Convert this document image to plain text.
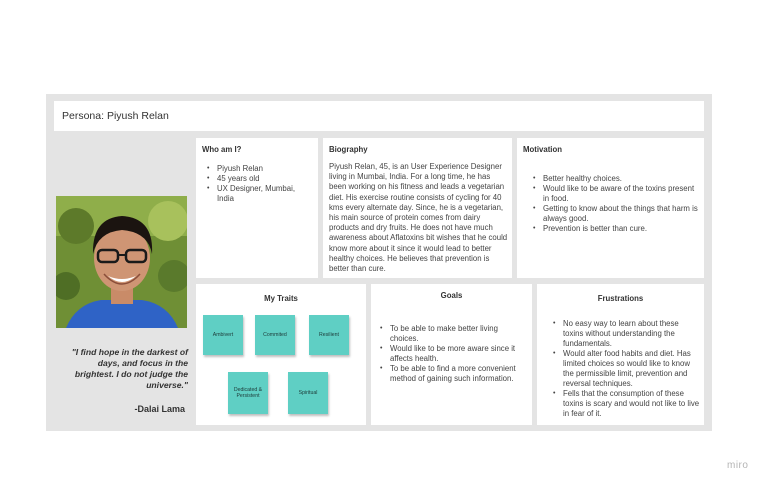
Persona: Piyush Relan
"I find hope in the darkest of days, and focus in the brightest. I do not judge the universe."
-Dalai Lama
Who am I?
• Piyush Relan
• 45 years old
• UX Designer, Mumbai, India
Biography
Piyush Relan, 45, is an User Experience Designer living in Mumbai, India. For a long time, he has been working on his fitness and leads a vegetarian diet. His exercise routine consists of cycling for 40 kms every alternate day. Since, he is a vegetarian, his main source of protein comes from dairy products and dry fruits. He does not have much awareness about Aflatoxins bit wishes that he could know more about it since it would lead to better healthy choices. He believes that prevention is better than cure.
Motivation
• Better healthy choices.
• Would like to be aware of the toxins present in food.
• Getting to know about the things that harm is always good.
• Prevention is better than cure.
My Traits
Ambivert	Commited	Resilient
Dedicated & Persistent
Spiritual
Goals
• To be able to make better living choices.
• Would like to be more aware since it affects health.
• To be able to find a more convenient method of gaining such information.
Frustrations
• No easy way to learn about these toxins without understanding the fundamentals.
• Would alter food habits and diet. Has limited choices so would like to know the permissible limit, prevention and reversal techniques.
• Fells that the consumption of these toxins is scary and would not like to live in fear of it.
miro
